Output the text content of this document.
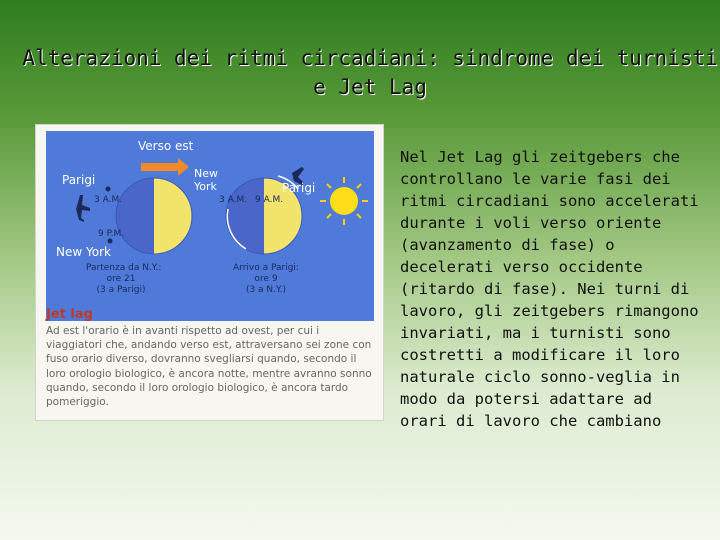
Alterazioni dei ritmi circadiani: sindrome dei turnisti
e Jet Lag
Verso est
Parigi
3 A.M.
9 P.M.
New York
Partenza da N.Y.:
ore 21
(3 a Parigi)
New
York
3 A.M. 9 A.M.
Parigi
Arrivo a Parigi:
ore 9
(3 a N.Y.)
Jet lag
Ad est l'orario è in avanti rispetto ad ovest, per cui i viaggiatori che, andando verso est, attraversano sei zone con fuso orario diverso, dovranno svegliarsi quando, secondo il loro orologio biologico, è ancora notte, mentre avranno sonno quando, secondo il loro orologio biologico, è ancora tardo pomeriggio.
Nel Jet Lag gli zeitgebers che controllano le varie fasi dei ritmi circadiani sono accelerati durante i voli verso oriente (avanzamento di fase) o decelerati verso occidente (ritardo di fase). Nei turni di lavoro, gli zeitgebers rimangono invariati, ma i turnisti sono costretti a modificare il loro naturale ciclo sonno-veglia in modo da potersi adattare ad orari di lavoro che cambiano
